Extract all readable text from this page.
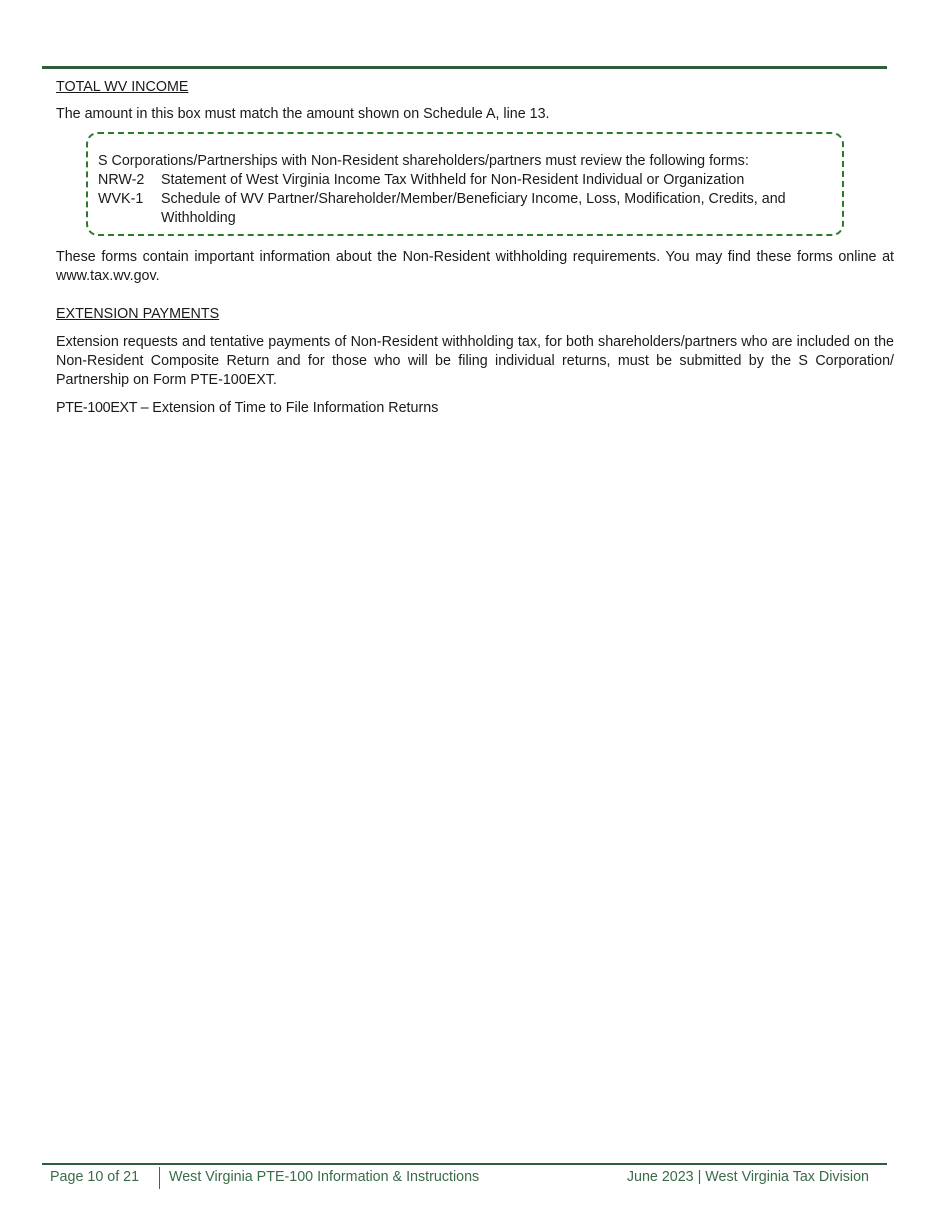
TOTAL WV INCOME

The amount in this box must match the amount shown on Schedule A, line 13.

S Corporations/Partnerships with Non-Resident shareholders/partners must review the following forms:
NRW-2	Statement of West Virginia Income Tax Withheld for Non-Resident Individual or Organization
WVK-1	Schedule of WV Partner/Shareholder/Member/Beneficiary Income, Loss, Modification, Credits, and Withholding

These forms contain important information about the Non-Resident withholding requirements. You may find these forms online at www.tax.wv.gov.

EXTENSION PAYMENTS

Extension requests and tentative payments of Non-Resident withholding tax, for both shareholders/partners who are included on the Non-Resident Composite Return and for those who will be filing individual returns, must be submitted by the S Corporation/ Partnership on Form PTE-100EXT.

PTE-100EXT – Extension of Time to File Information Returns

Page 10 of 21 West Virginia PTE-100 Information & Instructions	June 2023 | West Virginia Tax Division
